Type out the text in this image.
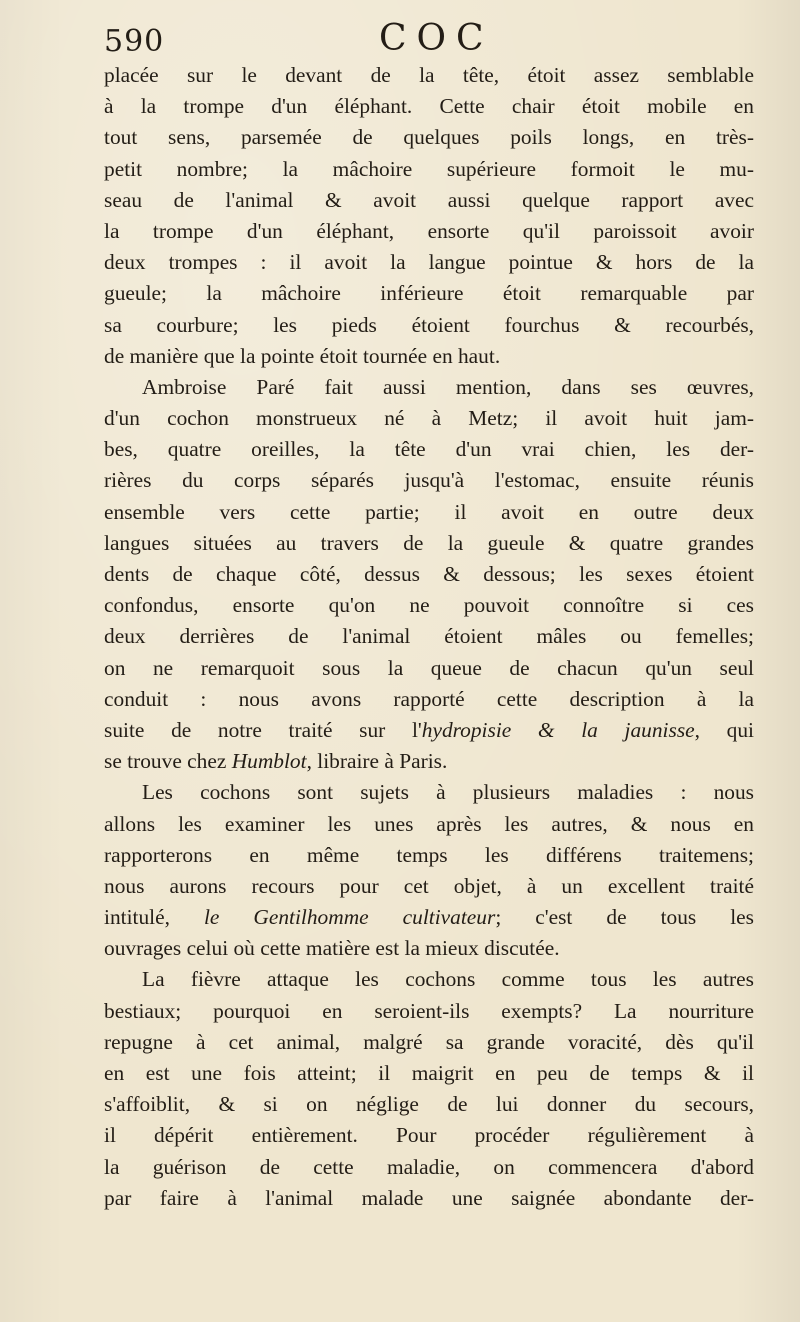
590	COC
placée sur le devant de la tête, étoit assez semblable
à la trompe d'un éléphant. Cette chair étoit mobile en
tout sens, parsemée de quelques poils longs, en très-
petit nombre; la mâchoire supérieure formoit le mu-
seau de l'animal & avoit aussi quelque rapport avec
la trompe d'un éléphant, ensorte qu'il paroissoit avoir
deux trompes : il avoit la langue pointue & hors de la
gueule; la mâchoire inférieure étoit remarquable par
sa courbure; les pieds étoient fourchus & recourbés,
de manière que la pointe étoit tournée en haut.
Ambroise Paré fait aussi mention, dans ses œuvres,
d'un cochon monstrueux né à Metz; il avoit huit jam-
bes, quatre oreilles, la tête d'un vrai chien, les der-
rières du corps séparés jusqu'à l'estomac, ensuite réunis
ensemble vers cette partie; il avoit en outre deux
langues situées au travers de la gueule & quatre grandes
dents de chaque côté, dessus & dessous; les sexes étoient
confondus, ensorte qu'on ne pouvoit connoître si ces
deux derrières de l'animal étoient mâles ou femelles;
on ne remarquoit sous la queue de chacun qu'un seul
conduit : nous avons rapporté cette description à la
suite de notre traité sur l'hydropisie & la jaunisse, qui
se trouve chez Humblot, libraire à Paris.
Les cochons sont sujets à plusieurs maladies : nous
allons les examiner les unes après les autres, & nous en
rapporterons en même temps les différens traitemens;
nous aurons recours pour cet objet, à un excellent traité
intitulé, le Gentilhomme cultivateur; c'est de tous les
ouvrages celui où cette matière est la mieux discutée.
La fièvre attaque les cochons comme tous les autres
bestiaux; pourquoi en seroient-ils exempts? La nourriture
repugne à cet animal, malgré sa grande voracité, dès qu'il
en est une fois atteint; il maigrit en peu de temps & il
s'affoiblit, & si on néglige de lui donner du secours,
il dépérit entièrement. Pour procéder régulièrement à
la guérison de cette maladie, on commencera d'abord
par faire à l'animal malade une saignée abondante der-
